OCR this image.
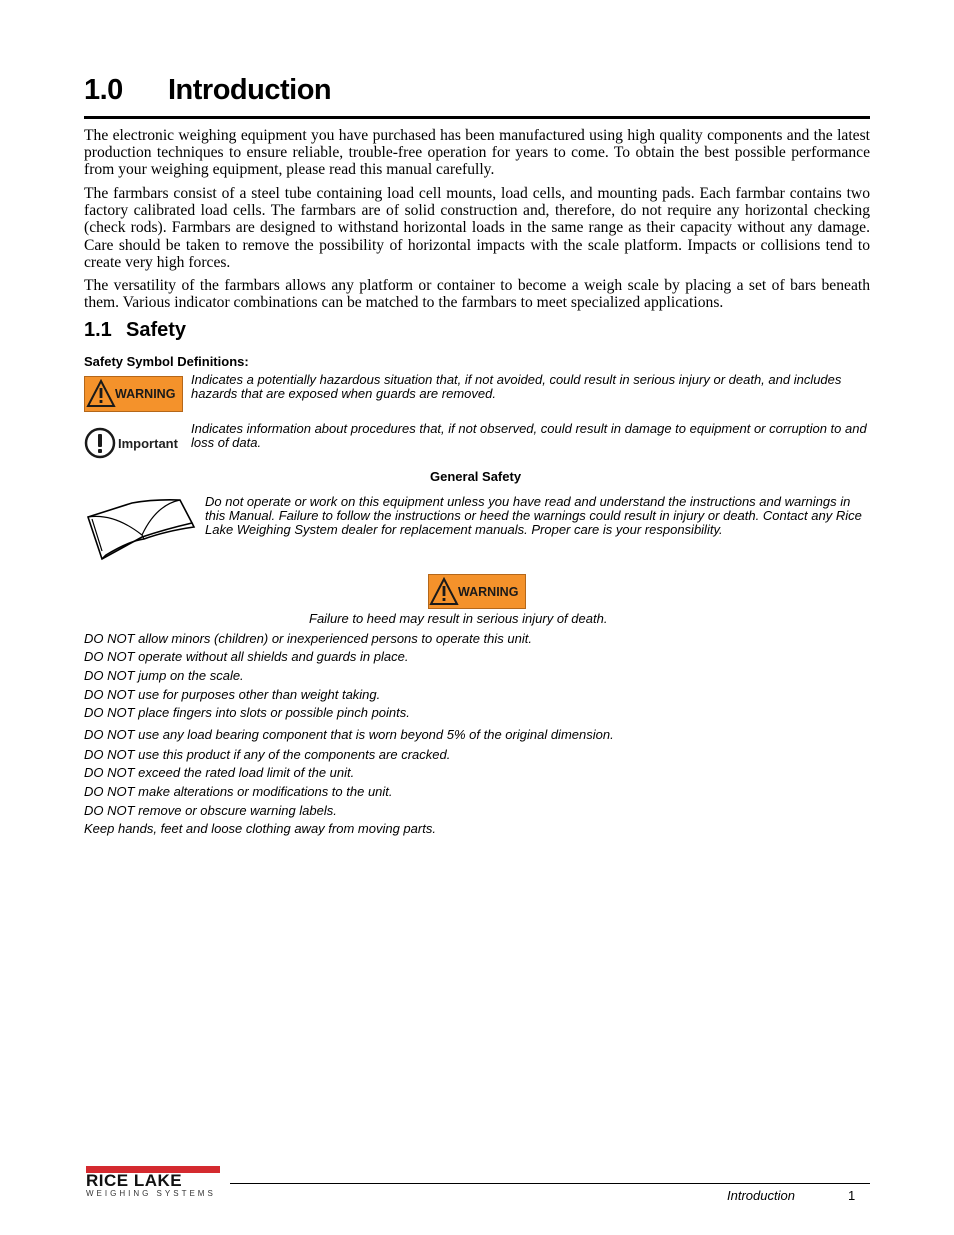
1.0 Introduction

The electronic weighing equipment you have purchased has been manufactured using high quality components and the latest production techniques to ensure reliable, trouble-free operation for years to come. To obtain the best possible performance from your weighing equipment, please read this manual carefully.

The farmbars consist of a steel tube containing load cell mounts, load cells, and mounting pads. Each farmbar contains two factory calibrated load cells. The farmbars are of solid construction and, therefore, do not require any horizontal checking (check rods). Farmbars are designed to withstand horizontal loads in the same range as their capacity without any damage. Care should be taken to remove the possibility of horizontal impacts with the scale platform. Impacts or collisions tend to create very high forces.

The versatility of the farmbars allows any platform or container to become a weigh scale by placing a set of bars beneath them. Various indicator combinations can be matched to the farmbars to meet specialized applications.

1.1 Safety
Safety Symbol Definitions:
WARNING
Indicates a potentially hazardous situation that, if not avoided, could result in serious injury or death, and includes hazards that are exposed when guards are removed.
Important
Indicates information about procedures that, if not observed, could result in damage to equipment or corruption to and loss of data.
General Safety
Do not operate or work on this equipment unless you have read and understand the instructions and warnings in this Manual. Failure to follow the instructions or heed the warnings could result in injury or death. Contact any Rice Lake Weighing System dealer for replacement manuals. Proper care is your responsibility.
WARNING
Failure to heed may result in serious injury of death.
DO NOT allow minors (children) or inexperienced persons to operate this unit.
DO NOT operate without all shields and guards in place.
DO NOT jump on the scale.
DO NOT use for purposes other than weight taking.
DO NOT place fingers into slots or possible pinch points.
DO NOT use any load bearing component that is worn beyond 5% of the original dimension.
DO NOT use this product if any of the components are cracked.
DO NOT exceed the rated load limit of the unit.
DO NOT make alterations or modifications to the unit.
DO NOT remove or obscure warning labels.
Keep hands, feet and loose clothing away from moving parts.
RICE LAKE
WEIGHING SYSTEMS	Introduction	1
